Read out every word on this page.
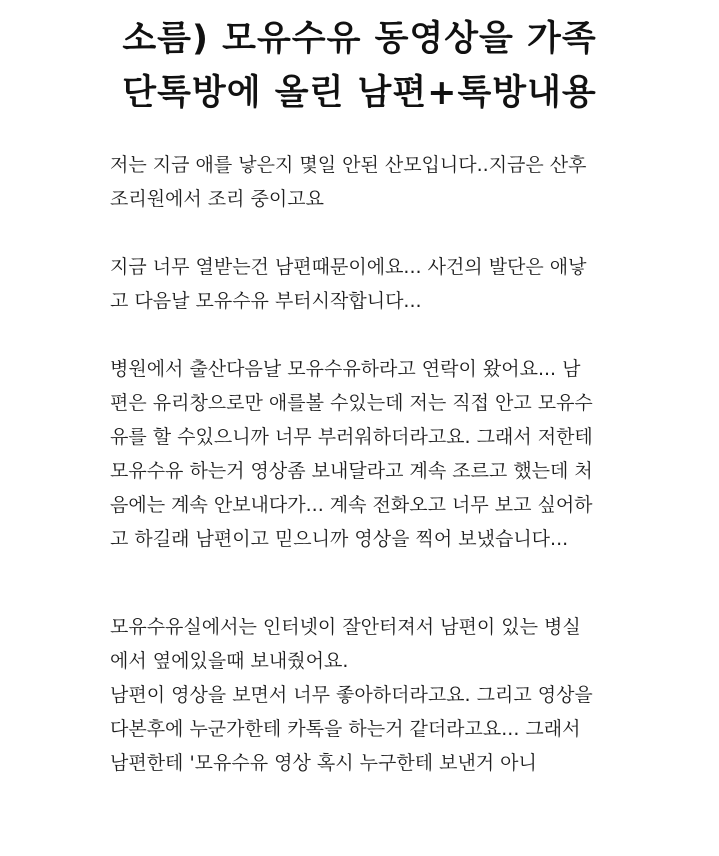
소름) 모유수유 동영상을 가족
단톡방에 올린 남편+톡방내용

저는 지금 애를 낳은지 몇일 안된 산모입니다..지금은 산후
조리원에서 조리 중이고요

지금 너무 열받는건 남편때문이에요... 사건의 발단은 애낳
고 다음날 모유수유 부터시작합니다...

병원에서 출산다음날 모유수유하라고 연락이 왔어요... 남
편은 유리창으로만 애를볼 수있는데 저는 직접 안고 모유수
유를 할 수있으니까 너무 부러워하더라고요. 그래서 저한테
모유수유 하는거 영상좀 보내달라고 계속 조르고 했는데 처
음에는 계속 안보내다가... 계속 전화오고 너무 보고 싶어하
고 하길래 남편이고 믿으니까 영상을 찍어 보냈습니다...

모유수유실에서는 인터넷이 잘안터져서 남편이 있는 병실
에서 옆에있을때 보내줬어요.
남편이 영상을 보면서 너무 좋아하더라고요. 그리고 영상을
다본후에 누군가한테 카톡을 하는거 같더라고요... 그래서
남편한테 '모유수유 영상 혹시 누구한테 보낸거 아니
